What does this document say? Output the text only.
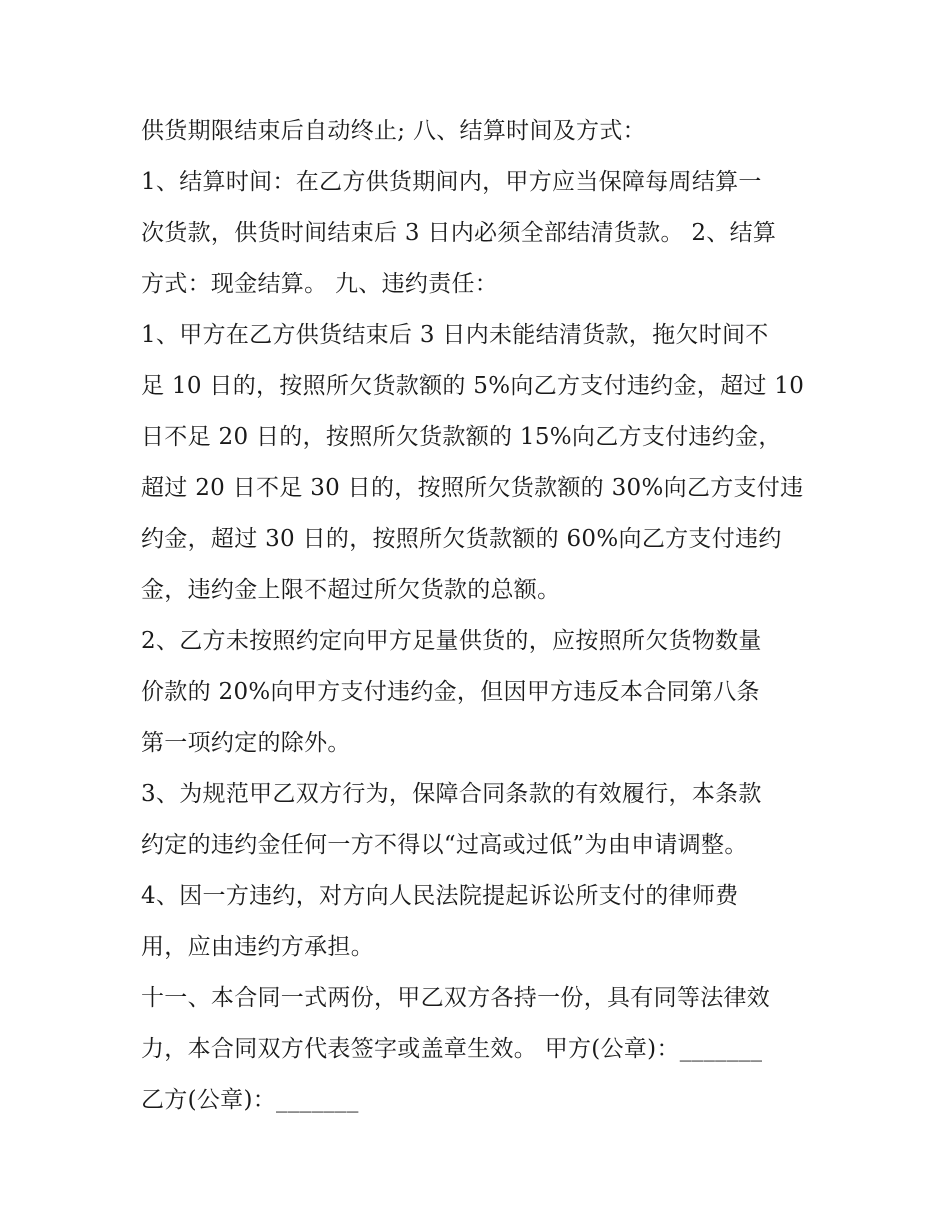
供货期限结束后自动终止; 八、结算时间及方式：

1、结算时间：在乙方供货期间内，甲方应当保障每周结算一

次货款，供货时间结束后 3 日内必须全部结清货款。 2、结算

方式：现金结算。 九、违约责任：

1、甲方在乙方供货结束后 3 日内未能结清货款，拖欠时间不

足 10 日的，按照所欠货款额的 5%向乙方支付违约金，超过 10

日不足 20 日的，按照所欠货款额的 15%向乙方支付违约金，

超过 20 日不足 30 日的，按照所欠货款额的 30%向乙方支付违

约金，超过 30 日的，按照所欠货款额的 60%向乙方支付违约

金，违约金上限不超过所欠货款的总额。

2、乙方未按照约定向甲方足量供货的，应按照所欠货物数量

价款的 20%向甲方支付违约金，但因甲方违反本合同第八条

第一项约定的除外。

3、为规范甲乙双方行为，保障合同条款的有效履行，本条款

约定的违约金任何一方不得以“过高或过低”为由申请调整。

4、因一方违约，对方向人民法院提起诉讼所支付的律师费

用，应由违约方承担。

十一、本合同一式两份，甲乙双方各持一份，具有同等法律效

力，本合同双方代表签字或盖章生效。 甲方(公章)：_______

乙方(公章)：_______
